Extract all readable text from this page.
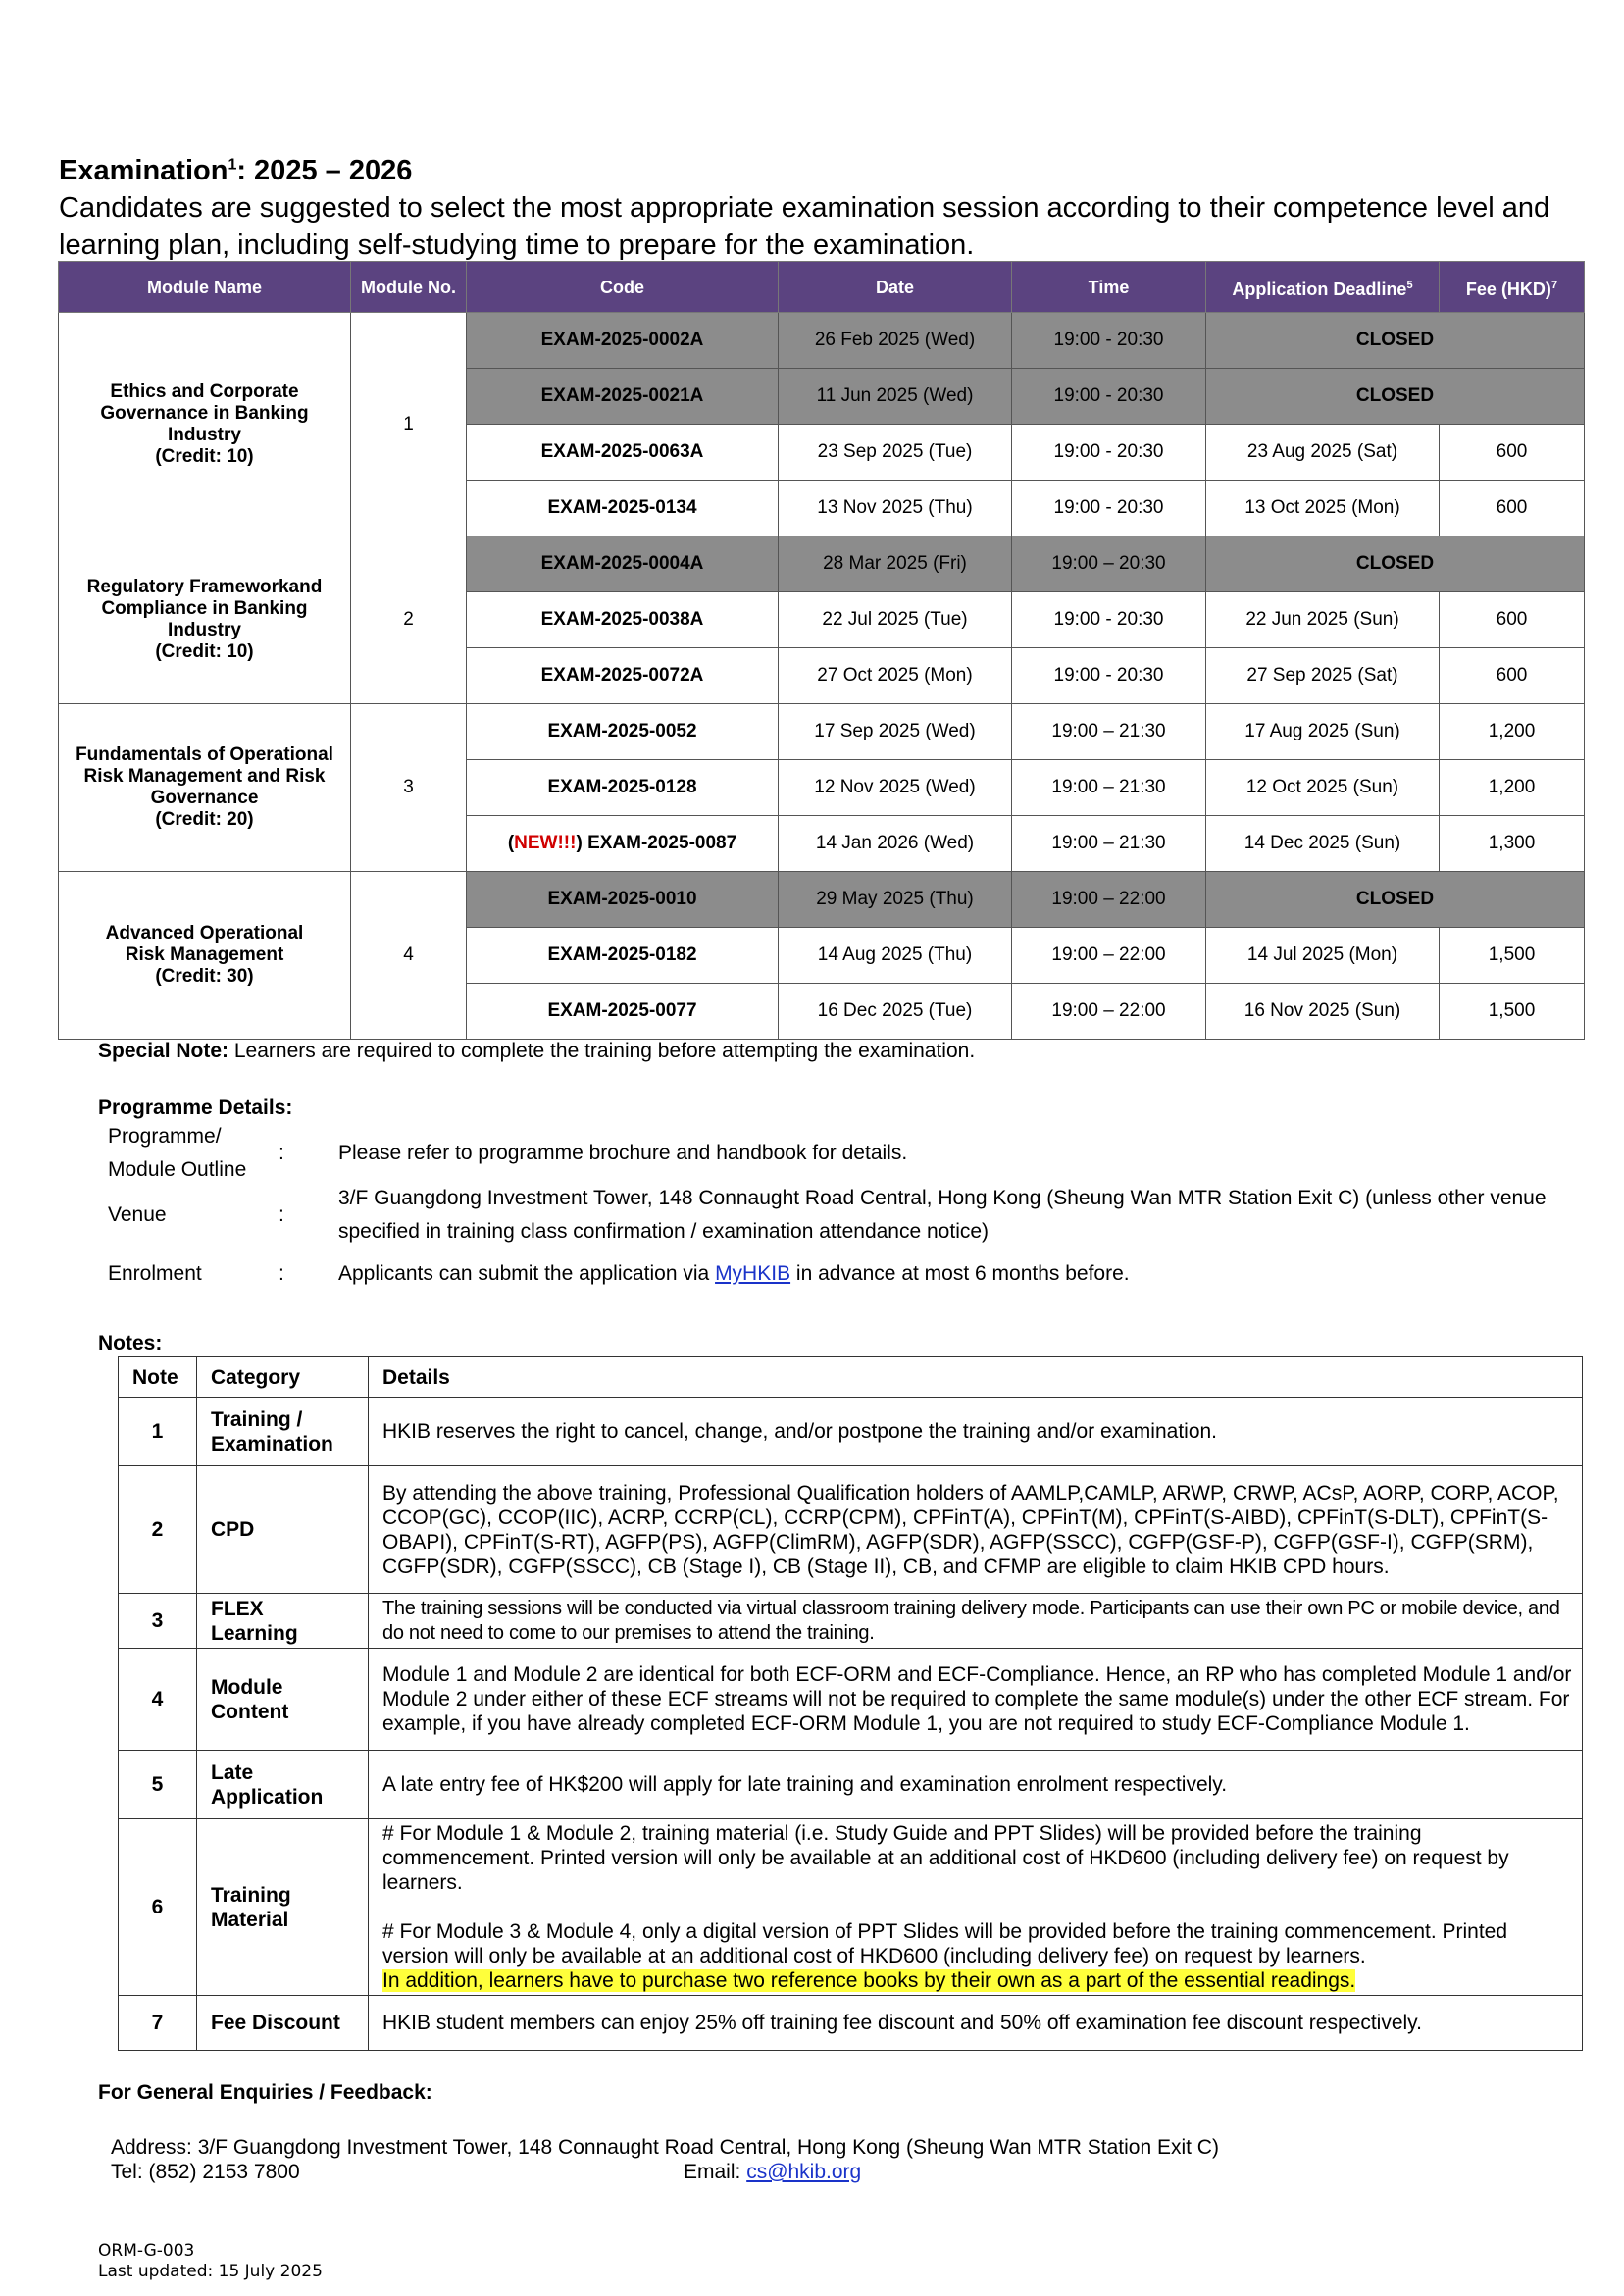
Examination$^1$: 2025 – 2026
Candidates are suggested to select the most appropriate examination session according to their competence level and learning plan, including self-studying time to prepare for the examination.
Module Name	Module No.	Code	Date	Time	Application Deadline$^5$	Fee (HKD)$^7$
Ethics and Corporate
Governance in Banking
Industry
(Credit: 10)	1	EXAM-2025-0002A	26 Feb 2025 (Wed)	19:00 - 20:30	CLOSED	
		EXAM-2025-0021A	11 Jun 2025 (Wed)	19:00 - 20:30	CLOSED	
		EXAM-2025-0063A	23 Sep 2025 (Tue)	19:00 - 20:30	23 Aug 2025 (Sat)	600
		EXAM-2025-0134	13 Nov 2025 (Thu)	19:00 - 20:30	13 Oct 2025 (Mon)	600
Regulatory Frameworkand
Compliance in Banking
Industry
(Credit: 10)	2	EXAM-2025-0004A	28 Mar 2025 (Fri)	19:00 – 20:30	CLOSED	
		EXAM-2025-0038A	22 Jul 2025 (Tue)	19:00 - 20:30	22 Jun 2025 (Sun)	600
		EXAM-2025-0072A	27 Oct 2025 (Mon)	19:00 - 20:30	27 Sep 2025 (Sat)	600
Fundamentals of Operational
Risk Management and Risk
Governance
(Credit: 20)	3	EXAM-2025-0052	17 Sep 2025 (Wed)	19:00 – 21:30	17 Aug 2025 (Sun)	1,200
		EXAM-2025-0128	12 Nov 2025 (Wed)	19:00 – 21:30	12 Oct 2025 (Sun)	1,200
		(NEW!!!) EXAM-2025-0087	14 Jan 2026 (Wed)	19:00 – 21:30	14 Dec 2025 (Sun)	1,300
Advanced Operational
Risk Management
(Credit: 30)	4	EXAM-2025-0010	29 May 2025 (Thu)	19:00 – 22:00	CLOSED	
		EXAM-2025-0182	14 Aug 2025 (Thu)	19:00 – 22:00	14 Jul 2025 (Mon)	1,500
		EXAM-2025-0077	16 Dec 2025 (Tue)	19:00 – 22:00	16 Nov 2025 (Sun)	1,500
Special Note: Learners are required to complete the training before attempting the examination.
Programme Details:
Programme/
Module Outline
:	Please refer to programme brochure and handbook for details.
Venue	:
3/F Guangdong Investment Tower, 148 Connaught Road Central, Hong Kong (Sheung Wan MTR Station Exit C) (unless other venue
specified in training class confirmation / examination attendance notice)
Enrolment	:	Applicants can submit the application via MyHKIB in advance at most 6 months before.
Notes:
Note	Category	Details
1	Training / Examination	HKIB reserves the right to cancel, change, and/or postpone the training and/or examination.
2	CPD	By attending the above training, Professional Qualification holders of AAMLP,CAMLP, ARWP, CRWP, ACsP, AORP, CORP, ACOP, CCOP(GC), CCOP(IIC), ACRP, CCRP(CL), CCRP(CPM), CPFinT(A), CPFinT(M), CPFinT(S-AIBD), CPFinT(S-DLT), CPFinT(S-OBAPI), CPFinT(S-RT), AGFP(PS), AGFP(ClimRM), AGFP(SDR), AGFP(SSCC), CGFP(GSF-P), CGFP(GSF-I), CGFP(SRM), CGFP(SDR), CGFP(SSCC), CB (Stage I), CB (Stage II), CB, and CFMP are eligible to claim HKIB CPD hours.
3	FLEX Learning	The training sessions will be conducted via virtual classroom training delivery mode. Participants can use their own PC or mobile device, and do not need to come to our premises to attend the training.
4	Module Content	Module 1 and Module 2 are identical for both ECF-ORM and ECF-Compliance. Hence, an RP who has completed Module 1 and/or Module 2 under either of these ECF streams will not be required to complete the same module(s) under the other ECF stream. For example, if you have already completed ECF-ORM Module 1, you are not required to study ECF-Compliance Module 1.
5	Late Application	A late entry fee of HK$200 will apply for late training and examination enrolment respectively.
6	Training Material	# For Module 1 & Module 2, training material (i.e. Study Guide and PPT Slides) will be provided before the training commencement. Printed version will only be available at an additional cost of HKD600 (including delivery fee) on request by learners.
# For Module 3 & Module 4, only a digital version of PPT Slides will be provided before the training commencement. Printed version will only be available at an additional cost of HKD600 (including delivery fee) on request by learners.
In addition, learners have to purchase two reference books by their own as a part of the essential readings.
7	Fee Discount	HKIB student members can enjoy 25% off training fee discount and 50% off examination fee discount respectively.
For General Enquiries / Feedback:
Address: 3/F Guangdong Investment Tower, 148 Connaught Road Central, Hong Kong (Sheung Wan MTR Station Exit C)
Tel: (852) 2153 7800	Email: cs@hkib.org
ORM-G-003
Last updated: 15 July 2025
